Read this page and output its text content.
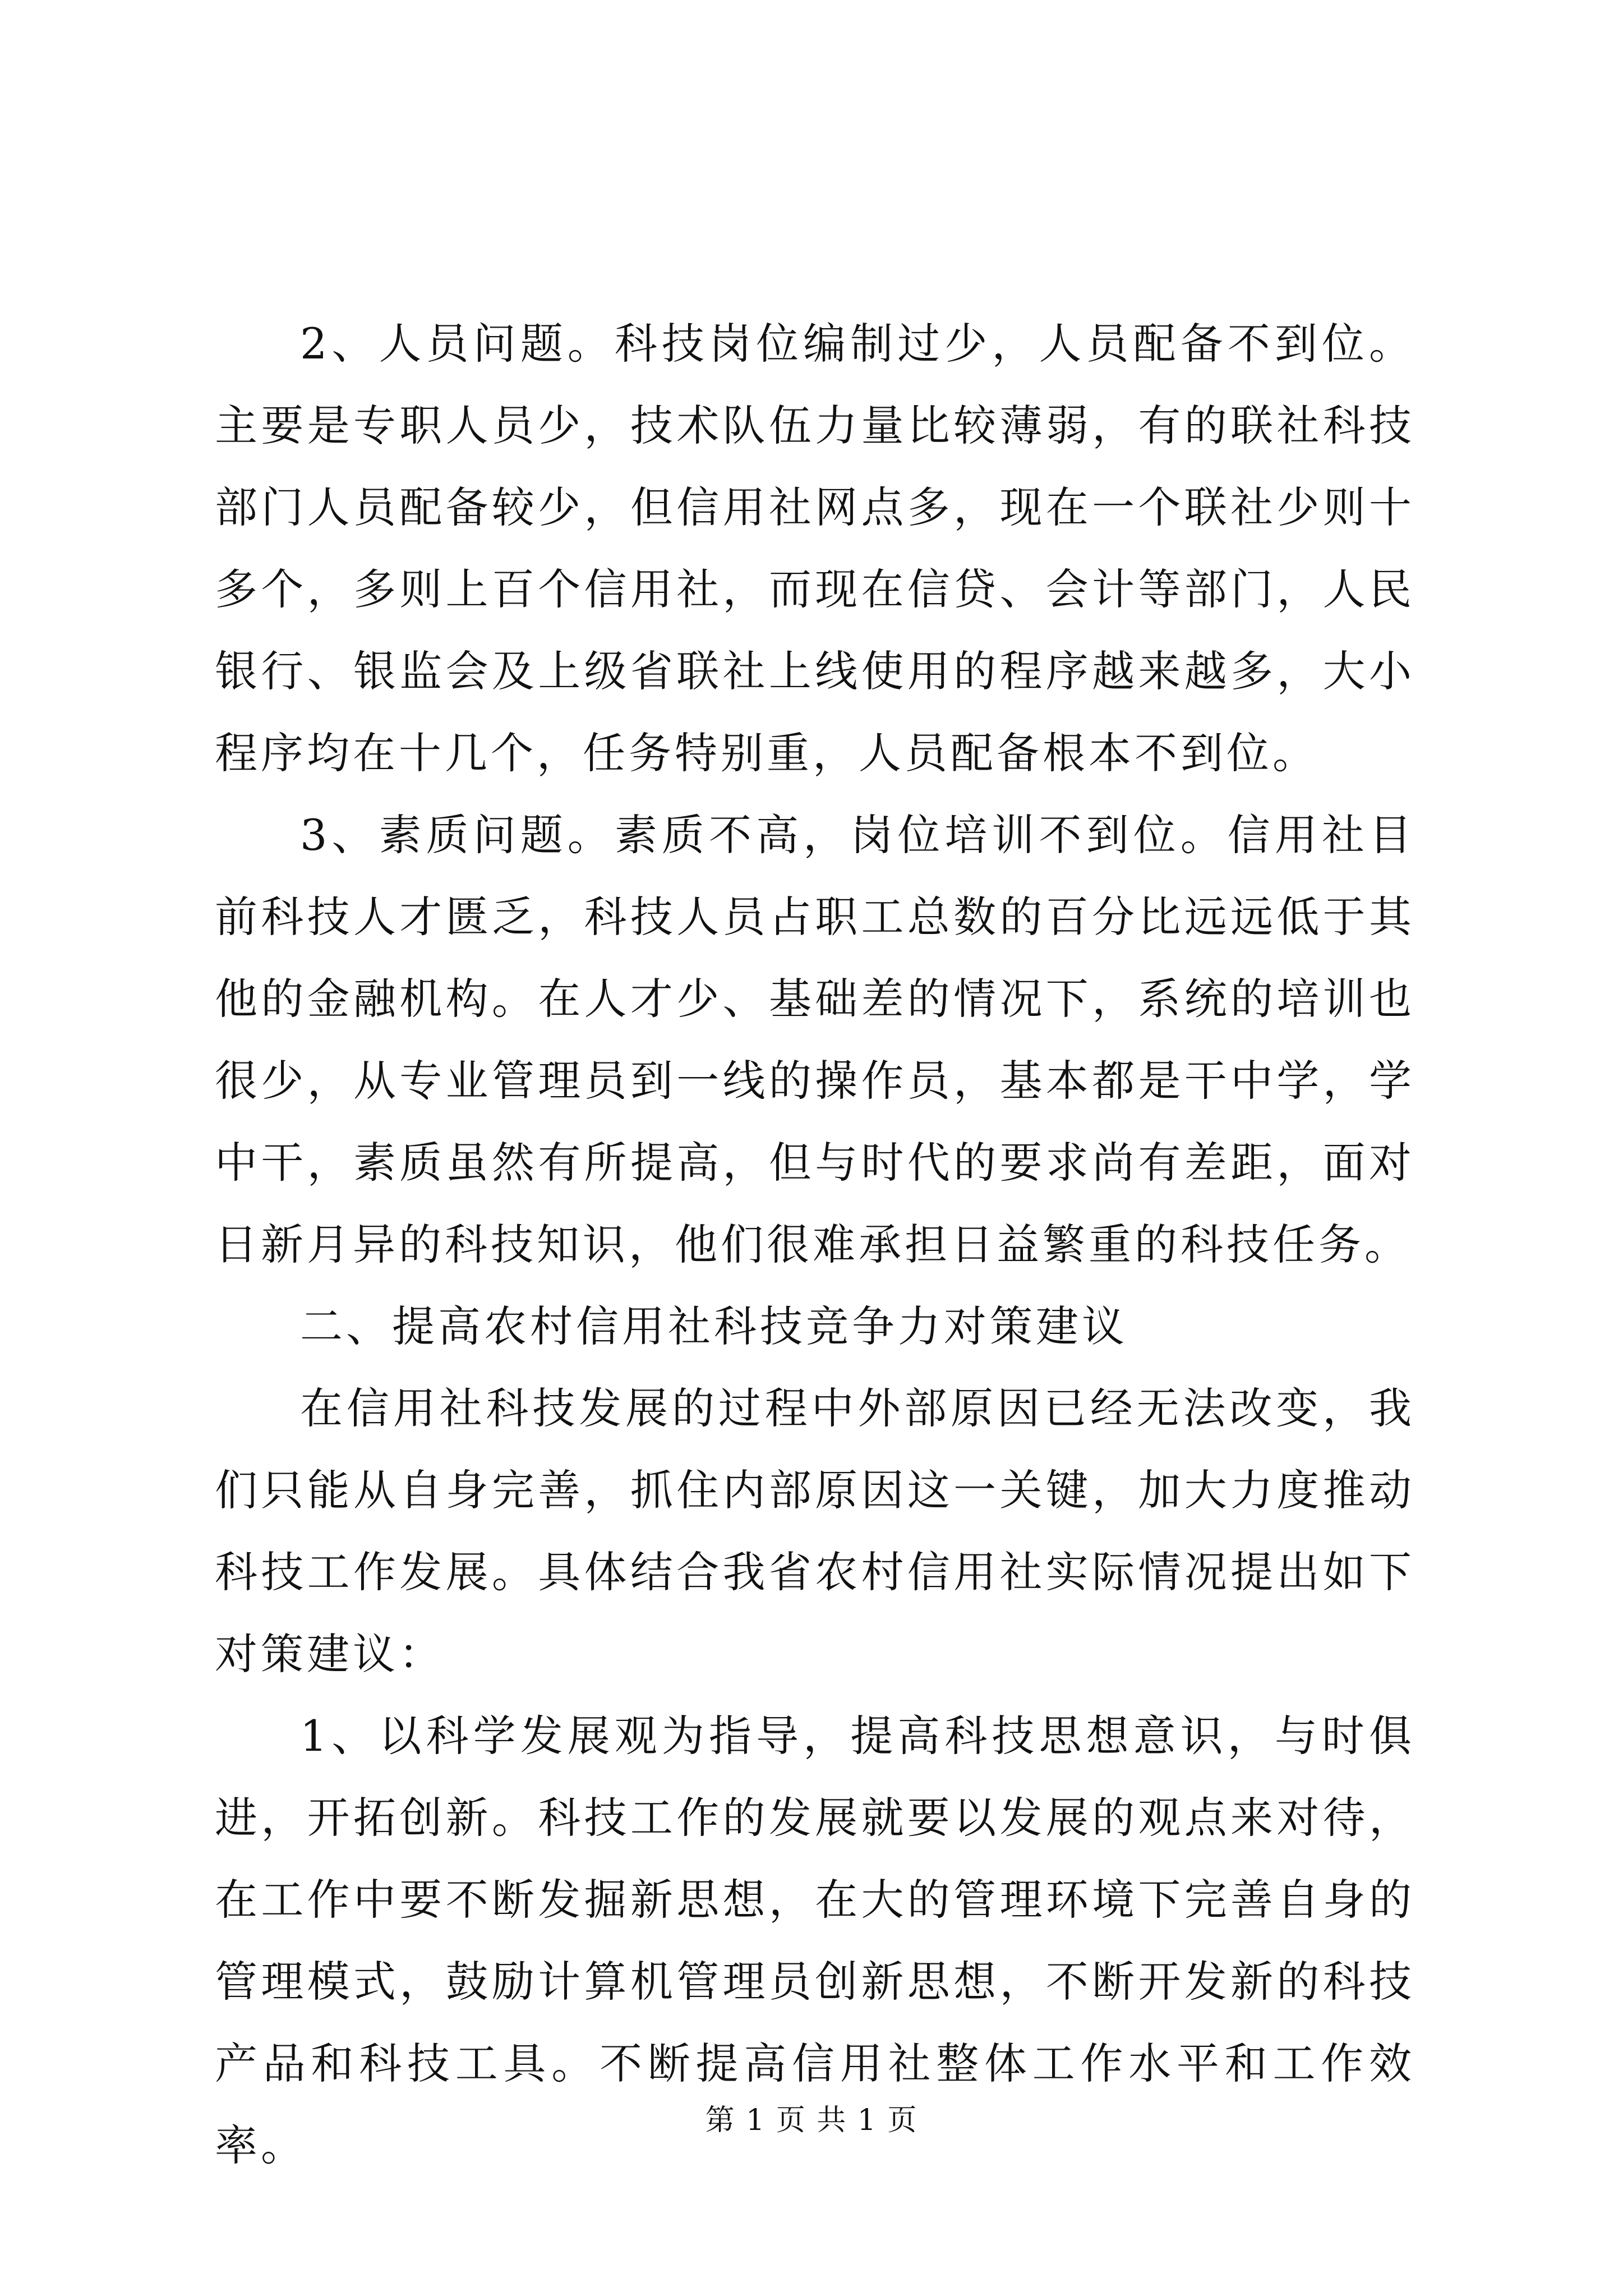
2、人员问题。科技岗位编制过少，人员配备不到位。主要是专职人员少，技术队伍力量比较薄弱，有的联社科技部门人员配备较少，但信用社网点多，现在一个联社少则十多个，多则上百个信用社，而现在信贷、会计等部门，人民银行、银监会及上级省联社上线使用的程序越来越多，大小程序均在十几个，任务特别重，人员配备根本不到位。

3、素质问题。素质不高，岗位培训不到位。信用社目前科技人才匮乏，科技人员占职工总数的百分比远远低于其他的金融机构。在人才少、基础差的情况下，系统的培训也很少，从专业管理员到一线的操作员，基本都是干中学，学中干，素质虽然有所提高，但与时代的要求尚有差距，面对日新月异的科技知识，他们很难承担日益繁重的科技任务。

二、提高农村信用社科技竞争力对策建议

在信用社科技发展的过程中外部原因已经无法改变，我们只能从自身完善，抓住内部原因这一关键，加大力度推动科技工作发展。具体结合我省农村信用社实际情况提出如下对策建议：

1、以科学发展观为指导，提高科技思想意识，与时俱进，开拓创新。科技工作的发展就要以发展的观点来对待，在工作中要不断发掘新思想，在大的管理环境下完善自身的管理模式，鼓励计算机管理员创新思想，不断开发新的科技产品和科技工具。不断提高信用社整体工作水平和工作效率。	第 1 页 共 1 页
